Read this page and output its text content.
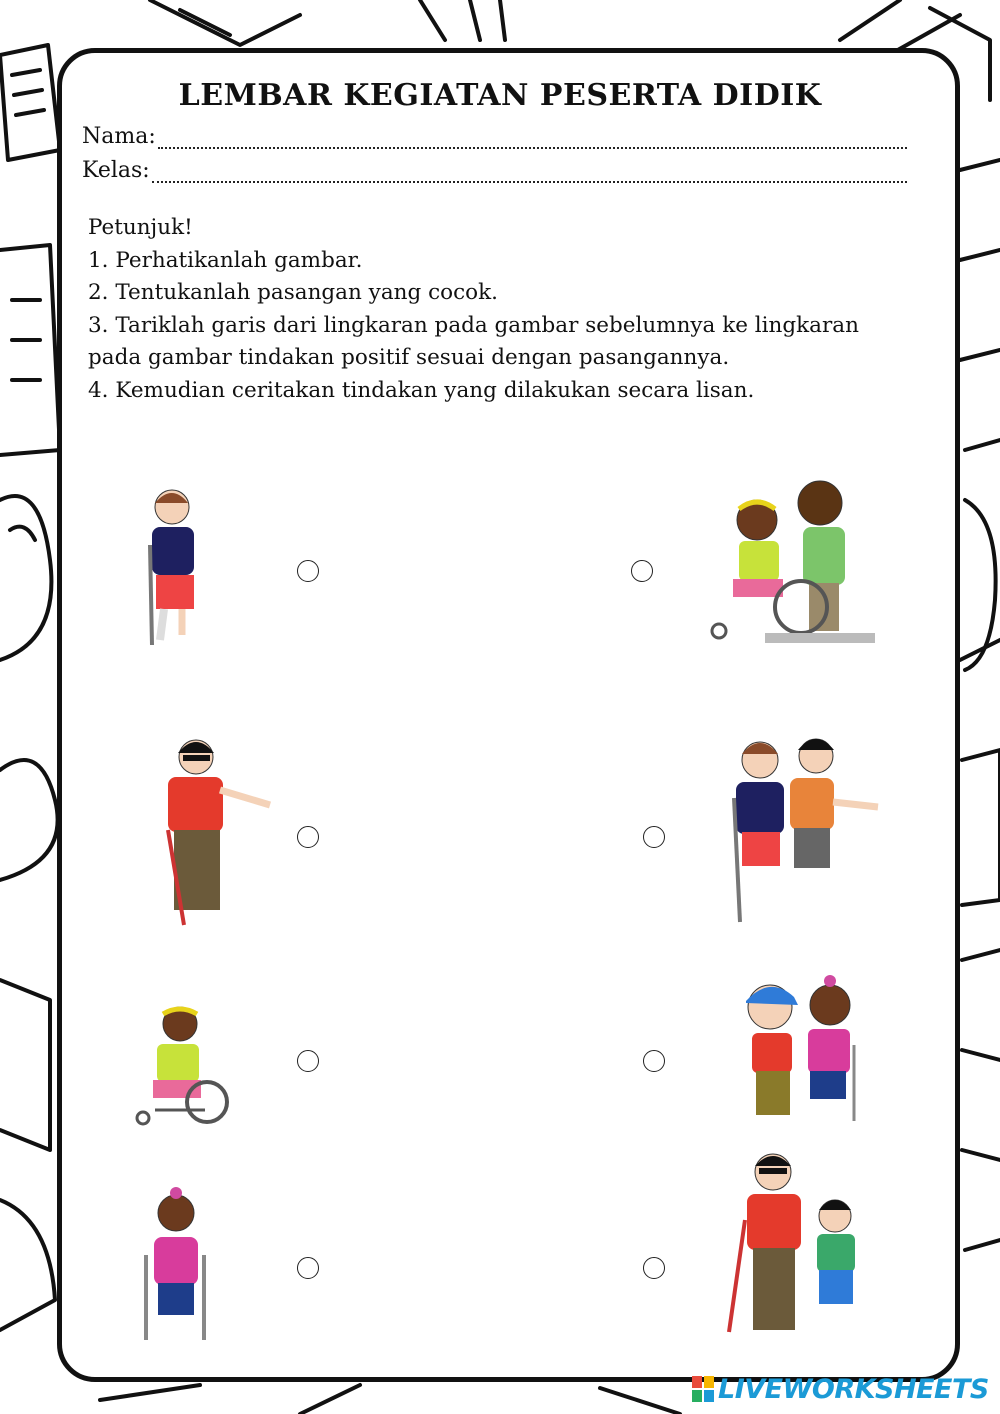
LEMBAR KEGIATAN PESERTA DIDIK
Nama:
Kelas:
Petunjuk!
1. Perhatikanlah gambar.
2. Tentukanlah pasangan yang cocok.
3. Tariklah garis dari lingkaran pada gambar sebelumnya ke lingkaran pada gambar tindakan positif sesuai dengan pasangannya.
4. Kemudian ceritakan tindakan yang dilakukan secara lisan.
LIVEWORKSHEETS
